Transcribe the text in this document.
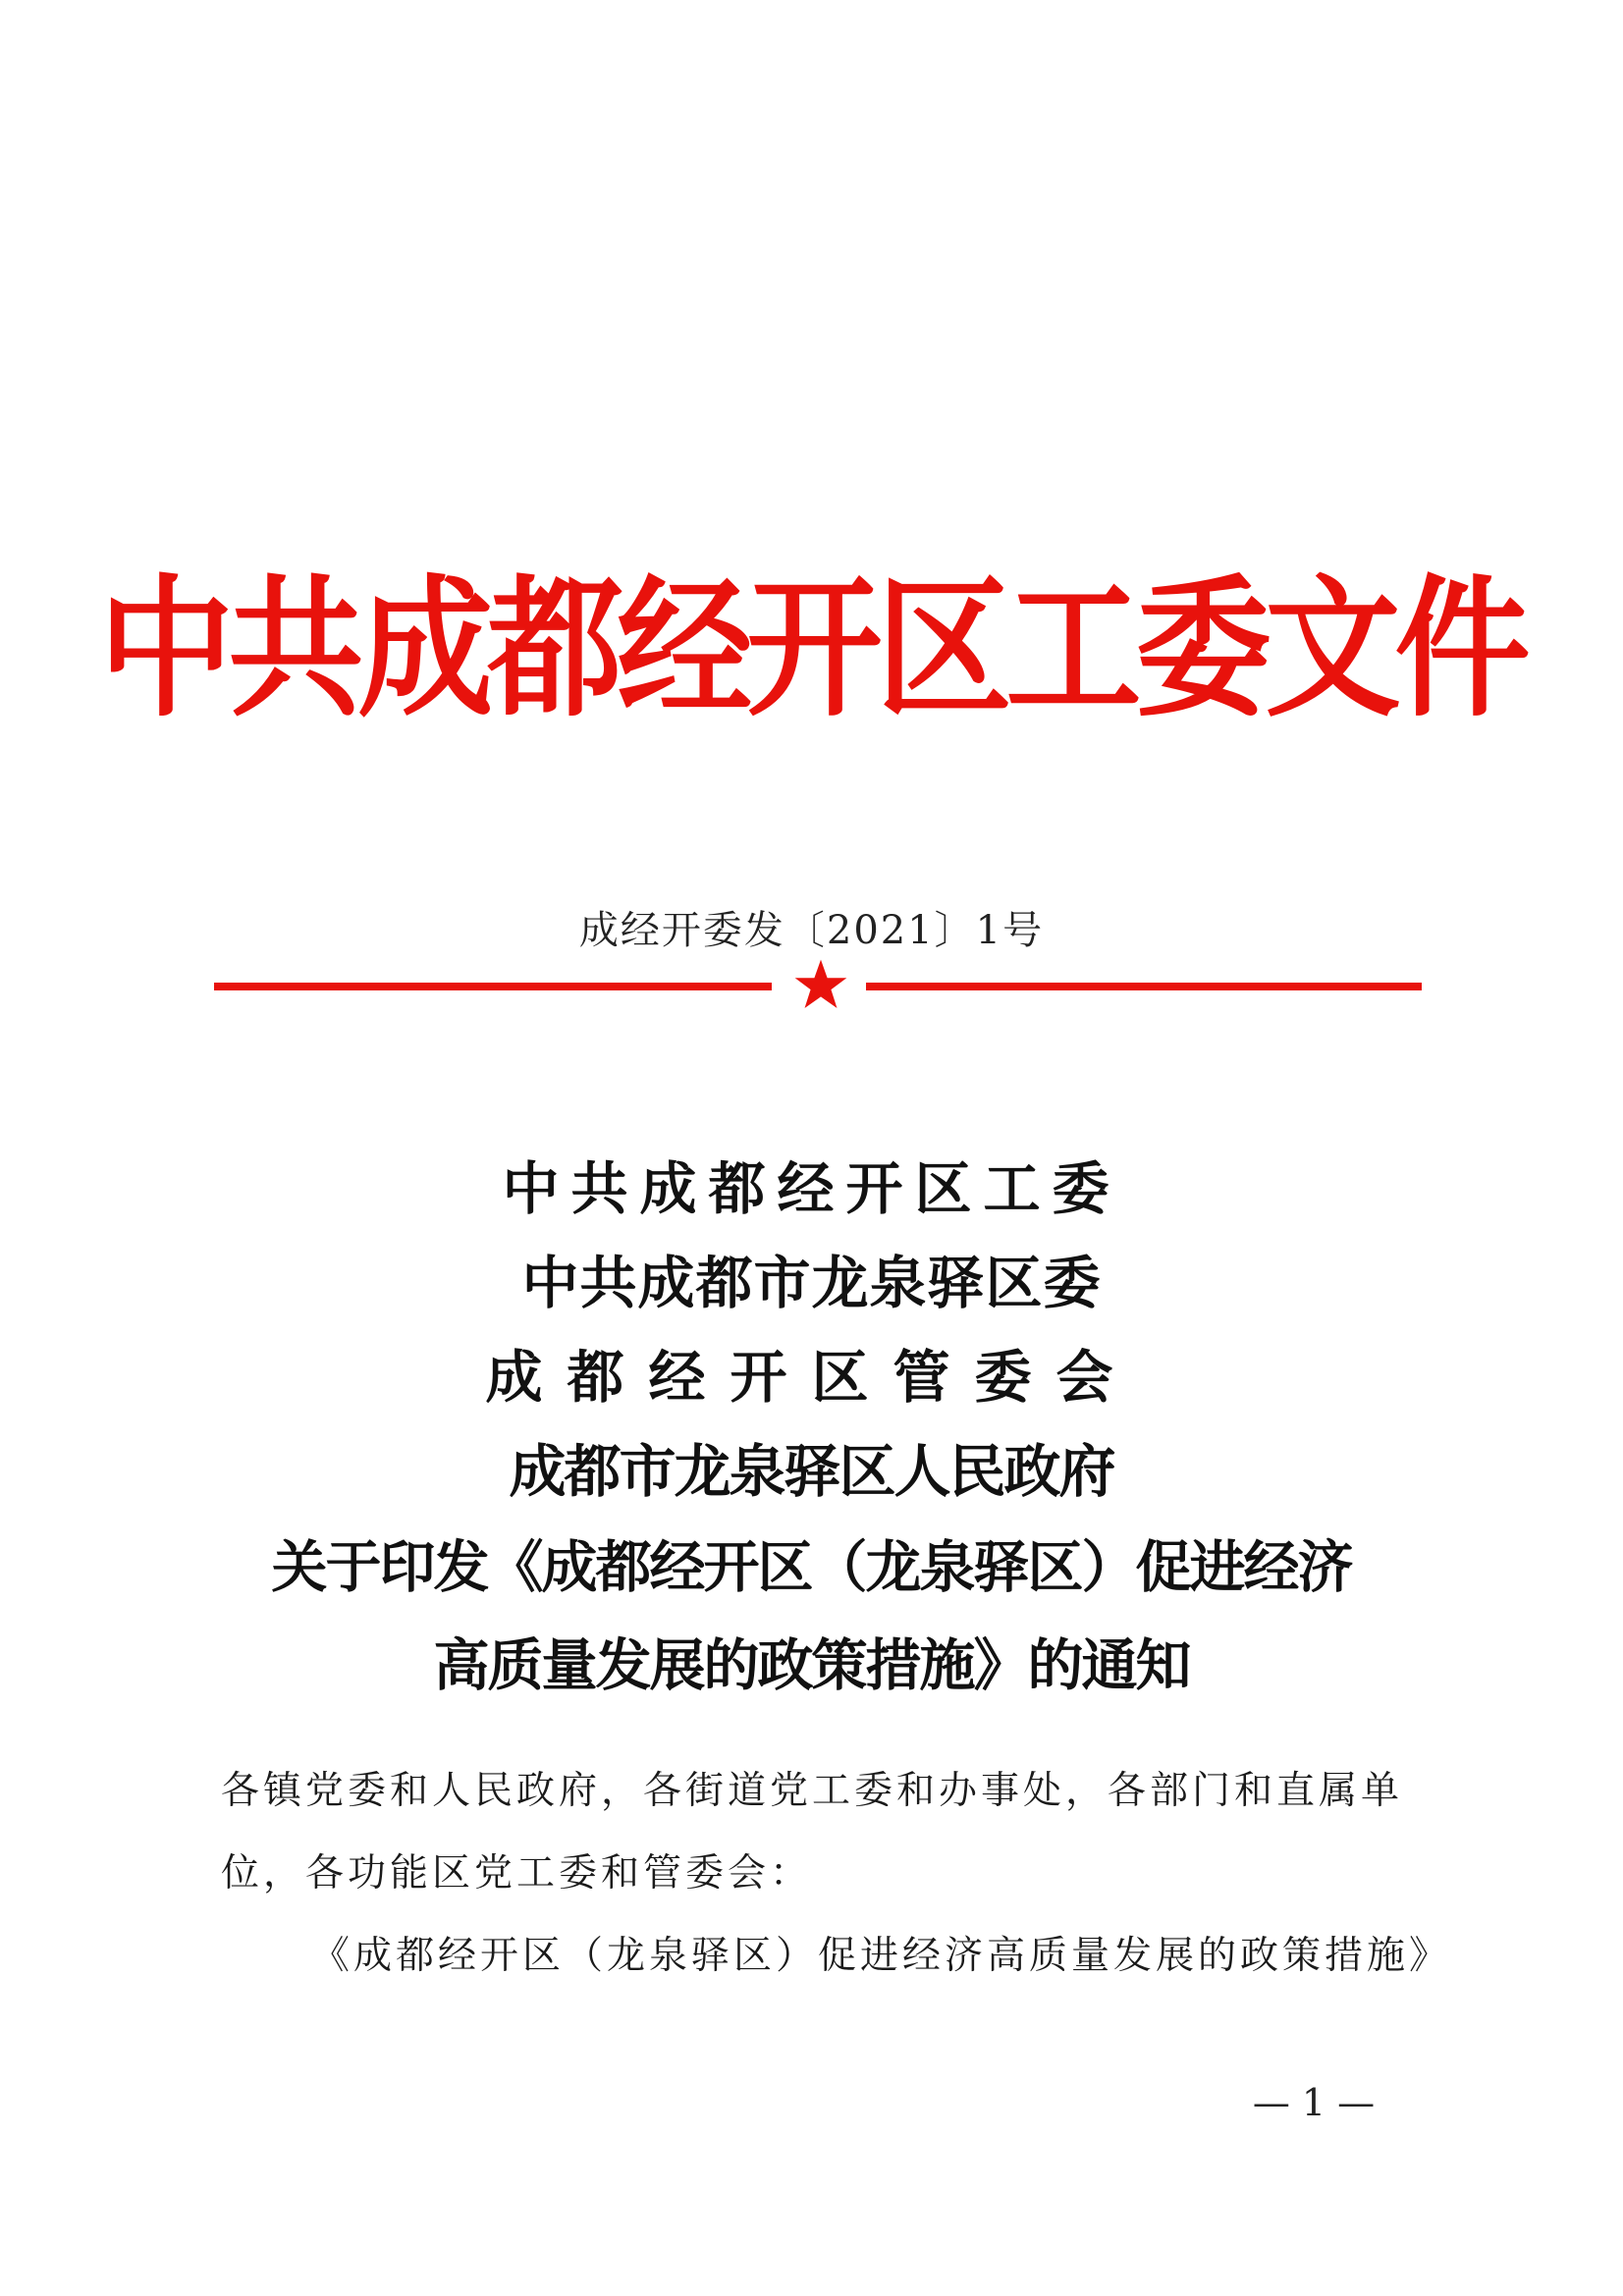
中共成都经开区工委文件
成经开委发〔2021〕1号
中共成都经开区工委
中共成都市龙泉驿区委
成都经开区管委会
成都市龙泉驿区人民政府
关于印发《成都经开区（龙泉驿区）促进经济
高质量发展的政策措施》的通知

各镇党委和人民政府，各街道党工委和办事处，各部门和直属单位，各功能区党工委和管委会：

《成都经开区（龙泉驿区）促进经济高质量发展的政策措施》

— 1 —
